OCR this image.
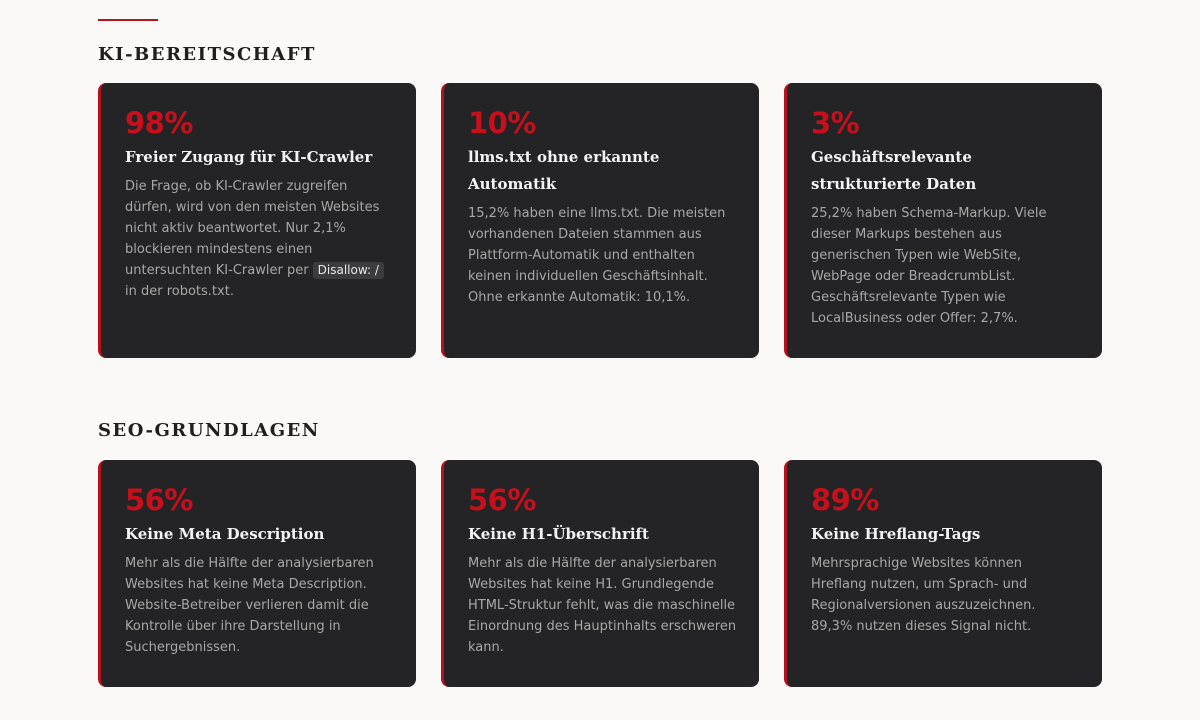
KI-BEREITSCHAFT
98%
Freier Zugang für KI-Crawler
Die Frage, ob KI-Crawler zugreifen dürfen, wird von den meisten Websites nicht aktiv beantwortet. Nur 2,1% blockieren mindestens einen untersuchten KI-Crawler per Disallow: / in der robots.txt.
10%
llms.txt ohne erkannte Automatik
15,2% haben eine llms.txt. Die meisten vorhandenen Dateien stammen aus Plattform-Automatik und enthalten keinen individuellen Geschäftsinhalt. Ohne erkannte Automatik: 10,1%.
3%
Geschäftsrelevante strukturierte Daten
25,2% haben Schema-Markup. Viele dieser Markups bestehen aus generischen Typen wie WebSite, WebPage oder BreadcrumbList. Geschäftsrelevante Typen wie LocalBusiness oder Offer: 2,7%.
SEO-GRUNDLAGEN
56%
Keine Meta Description
Mehr als die Hälfte der analysierbaren Websites hat keine Meta Description. Website-Betreiber verlieren damit die Kontrolle über ihre Darstellung in Suchergebnissen.
56%
Keine H1-Überschrift
Mehr als die Hälfte der analysierbaren Websites hat keine H1. Grundlegende HTML-Struktur fehlt, was die maschinelle Einordnung des Hauptinhalts erschweren kann.
89%
Keine Hreflang-Tags
Mehrsprachige Websites können Hreflang nutzen, um Sprach- und Regionalversionen auszuzeichnen. 89,3% nutzen dieses Signal nicht.
